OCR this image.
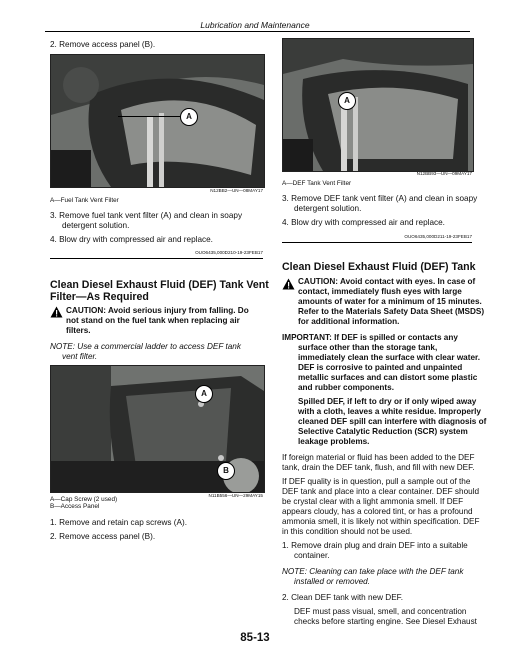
Lubrication and Maintenance
2. Remove access panel (B).
A
N12BB2—UN—08MAY17
A—Fuel Tank Vent Filter
3. Remove fuel tank vent filter (A) and clean in soapy
detergent solution.
4. Blow dry with compressed air and replace.
OUO6435,000D210-19-23FEB17
Clean Diesel Exhaust Fluid (DEF) Tank Vent
Filter—As Required
CAUTION: Avoid serious injury from falling. Do
not stand on the fuel tank when replacing air
filters.
NOTE: Use a commercial ladder to access DEF tank
vent filter.
A
B
N11B556—UN—29MAY15
A—Cap Screw (2 used)
B—Access Panel
1. Remove and retain cap screws (A).
2. Remove access panel (B).
A
N12BB93—UN—09MAY17
A—DEF Tank Vent Filter
3. Remove DEF tank vent filter (A) and clean in soapy
detergent solution.
4. Blow dry with compressed air and replace.
OUO6435,000D211-19-23FEB17
Clean Diesel Exhaust Fluid (DEF) Tank
CAUTION: Avoid contact with eyes. In case of
contact, immediately flush eyes with large
amounts of water for a minimum of 15 minutes.
Refer to the Materials Safety Data Sheet (MSDS)
for additional information.
IMPORTANT: If DEF is spilled or contacts any
surface other than the storage tank,
immediately clean the surface with clear water.
DEF is corrosive to painted and unpainted
metallic surfaces and can distort some plastic
and rubber components.
Spilled DEF, if left to dry or if only wiped away
with a cloth, leaves a white residue. Improperly
cleaned DEF spill can interfere with diagnosis of
Selective Catalytic Reduction (SCR) system
leakage problems.
If foreign material or fluid has been added to the DEF
tank, drain the DEF tank, flush, and fill with new DEF.
If DEF quality is in question, pull a sample out of the
DEF tank and place into a clear container. DEF should
be crystal clear with a light ammonia smell. If DEF
appears cloudy, has a colored tint, or has a profound
ammonia smell, it is likely not within specification. DEF
in this condition should not be used.
1. Remove drain plug and drain DEF into a suitable
container.
NOTE: Cleaning can take place with the DEF tank
installed or removed.
2. Clean DEF tank with new DEF.
DEF must pass visual, smell, and concentration
checks before starting engine. See Diesel Exhaust
85-13
